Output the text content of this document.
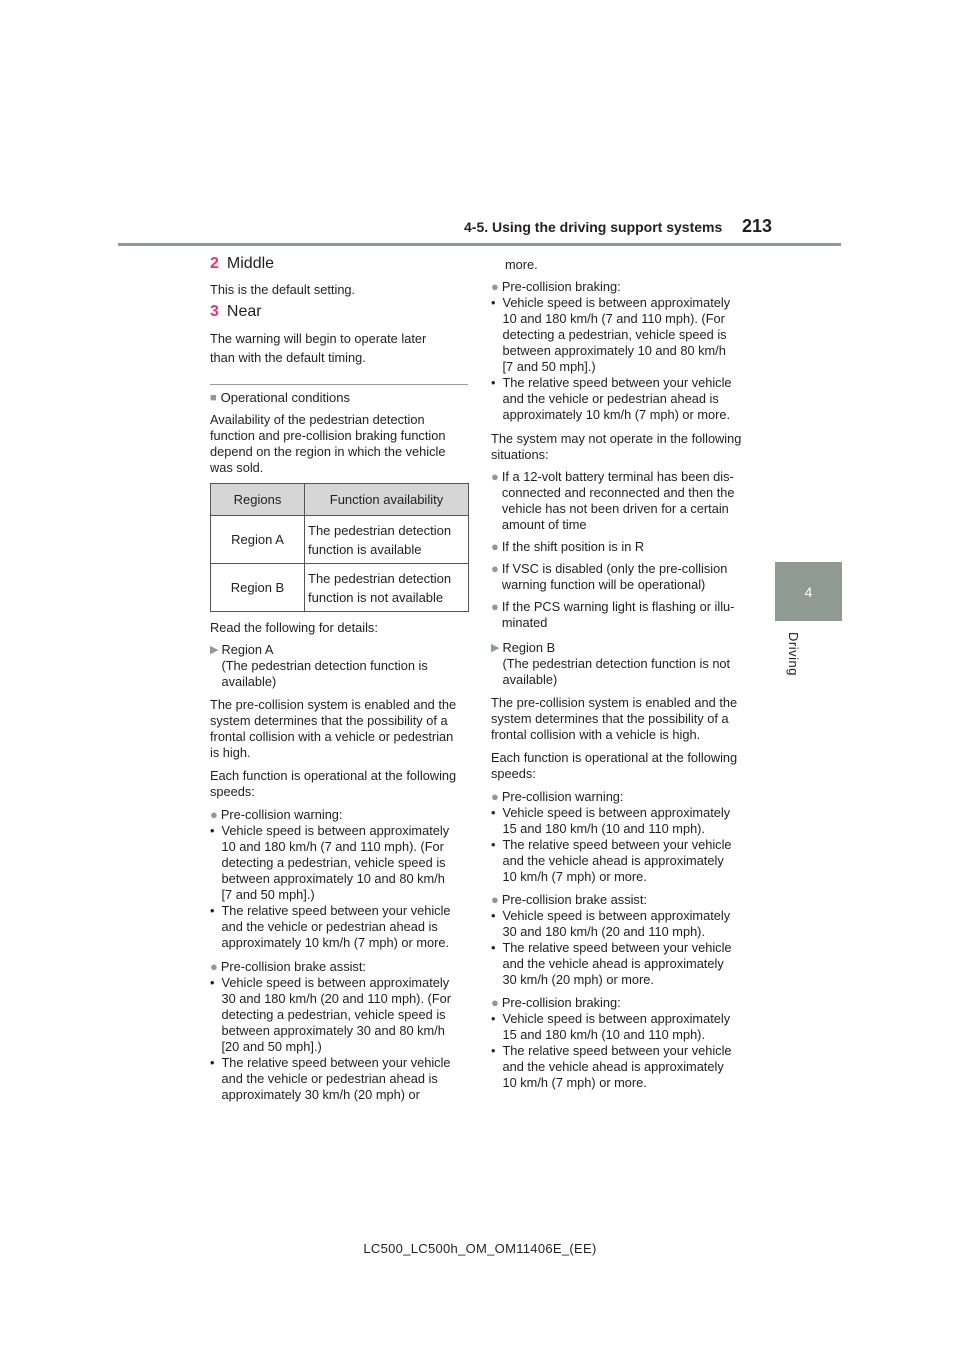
4-5. Using the driving support systems 213
4
Driving
2 Middle
This is the default setting.
3 Near
The warning will begin to operate later
than with the default timing.
■ Operational conditions
Availability of the pedestrian detection
function and pre-collision braking function
depend on the region in which the vehicle
was sold.
Regions	Function availability
Region A	The pedestrian detection
function is available

Region B	The pedestrian detection
function is not available
Read the following for details:
▶ Region A
(The pedestrian detection function is
available)
The pre-collision system is enabled and the
system determines that the possibility of a
frontal collision with a vehicle or pedestrian
is high.
Each function is operational at the following
speeds:
● Pre-collision warning:
• Vehicle speed is between approximately
10 and 180 km/h (7 and 110 mph). (For
detecting a pedestrian, vehicle speed is
between approximately 10 and 80 km/h
[7 and 50 mph].)
• The relative speed between your vehicle
and the vehicle or pedestrian ahead is
approximately 10 km/h (7 mph) or more.
● Pre-collision brake assist:
• Vehicle speed is between approximately
30 and 180 km/h (20 and 110 mph). (For
detecting a pedestrian, vehicle speed is
between approximately 30 and 80 km/h
[20 and 50 mph].)
• The relative speed between your vehicle
and the vehicle or pedestrian ahead is
approximately 30 km/h (20 mph) or
more.
● Pre-collision braking:
• Vehicle speed is between approximately
10 and 180 km/h (7 and 110 mph). (For
detecting a pedestrian, vehicle speed is
between approximately 10 and 80 km/h
[7 and 50 mph].)
• The relative speed between your vehicle
and the vehicle or pedestrian ahead is
approximately 10 km/h (7 mph) or more.
The system may not operate in the following
situations:
● If a 12-volt battery terminal has been dis-
connected and reconnected and then the
vehicle has not been driven for a certain
amount of time
● If the shift position is in R
● If VSC is disabled (only the pre-collision
warning function will be operational)
● If the PCS warning light is flashing or illu-
minated
▶ Region B
(The pedestrian detection function is not
available)
The pre-collision system is enabled and the
system determines that the possibility of a
frontal collision with a vehicle is high.
Each function is operational at the following
speeds:
● Pre-collision warning:
• Vehicle speed is between approximately
15 and 180 km/h (10 and 110 mph).
• The relative speed between your vehicle
and the vehicle ahead is approximately
10 km/h (7 mph) or more.
● Pre-collision brake assist:
• Vehicle speed is between approximately
30 and 180 km/h (20 and 110 mph).
• The relative speed between your vehicle
and the vehicle ahead is approximately
30 km/h (20 mph) or more.
● Pre-collision braking:
• Vehicle speed is between approximately
15 and 180 km/h (10 and 110 mph).
• The relative speed between your vehicle
and the vehicle ahead is approximately
10 km/h (7 mph) or more.
LC500_LC500h_OM_OM11406E_(EE)
